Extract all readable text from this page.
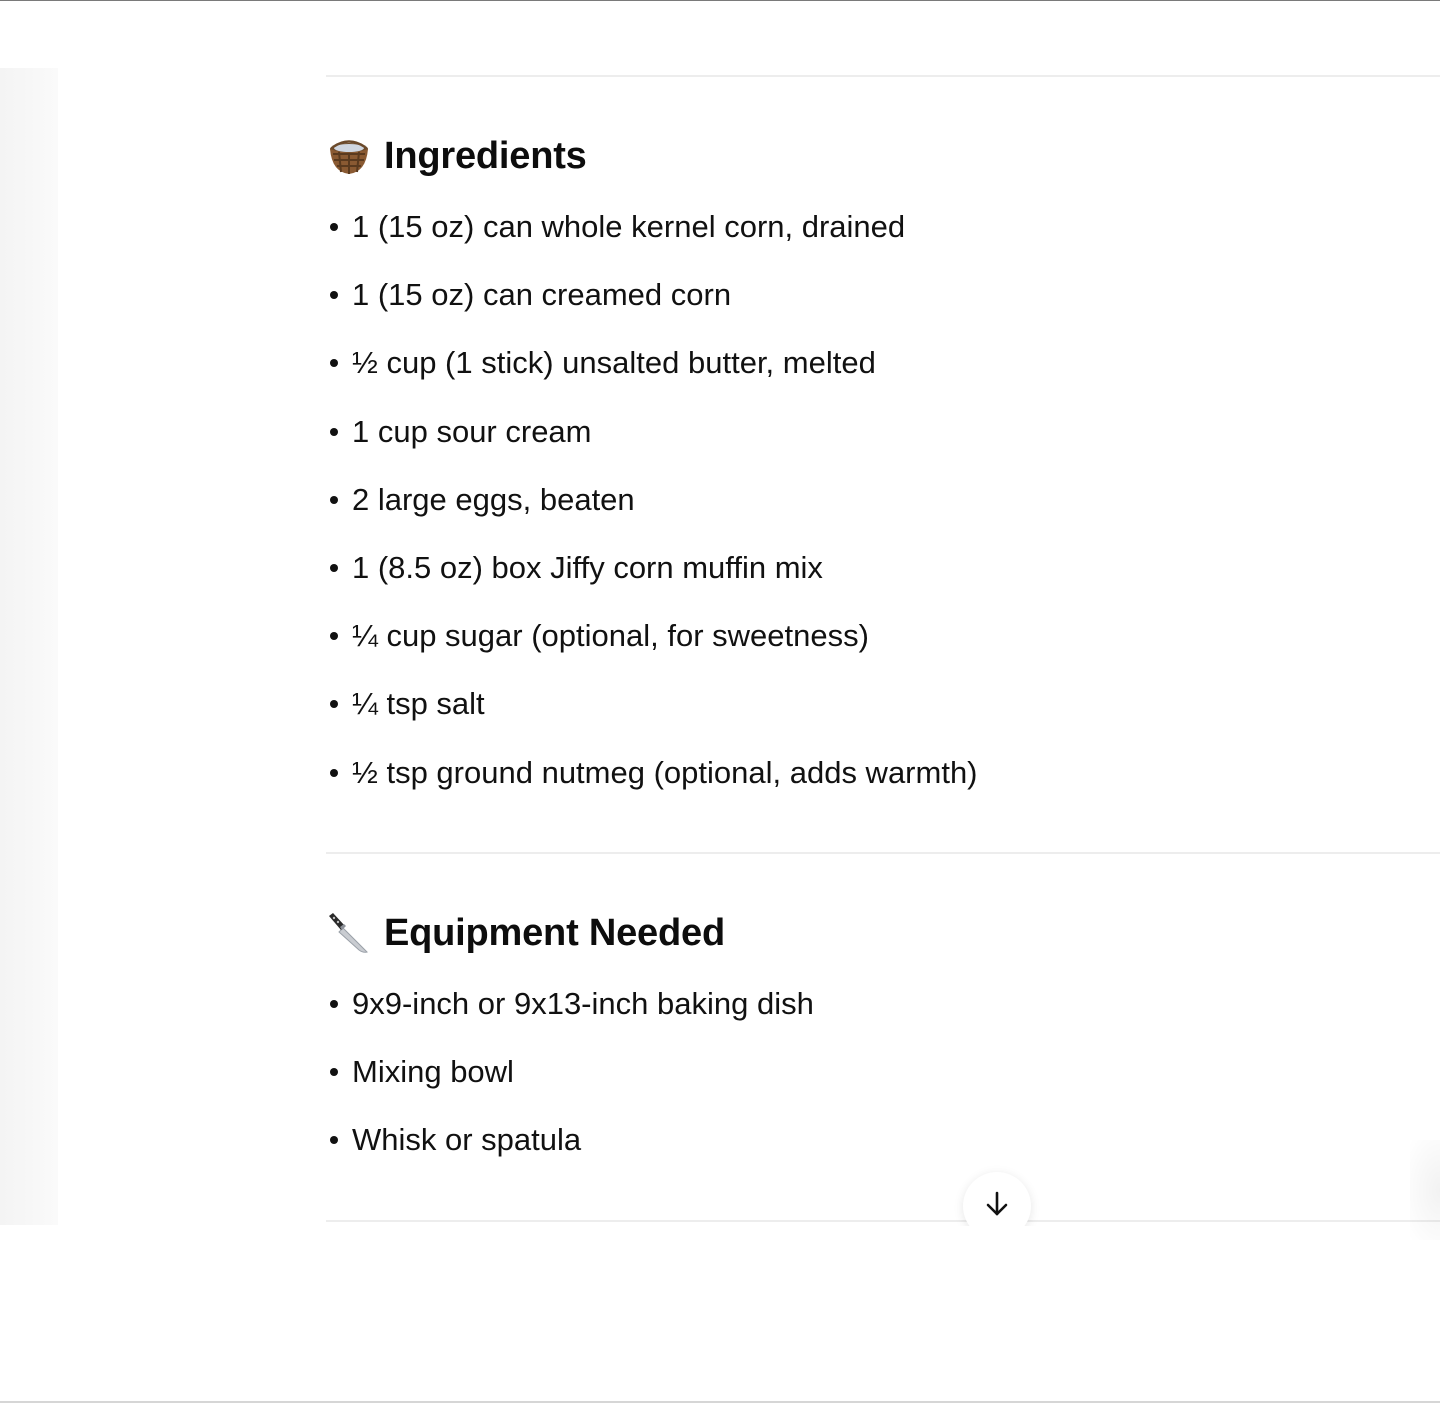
Ingredients
1 (15 oz) can whole kernel corn, drained
1 (15 oz) can creamed corn
½ cup (1 stick) unsalted butter, melted
1 cup sour cream
2 large eggs, beaten
1 (8.5 oz) box Jiffy corn muffin mix
¼ cup sugar (optional, for sweetness)
¼ tsp salt
½ tsp ground nutmeg (optional, adds warmth)
Equipment Needed
9x9-inch or 9x13-inch baking dish
Mixing bowl
Whisk or spatula
